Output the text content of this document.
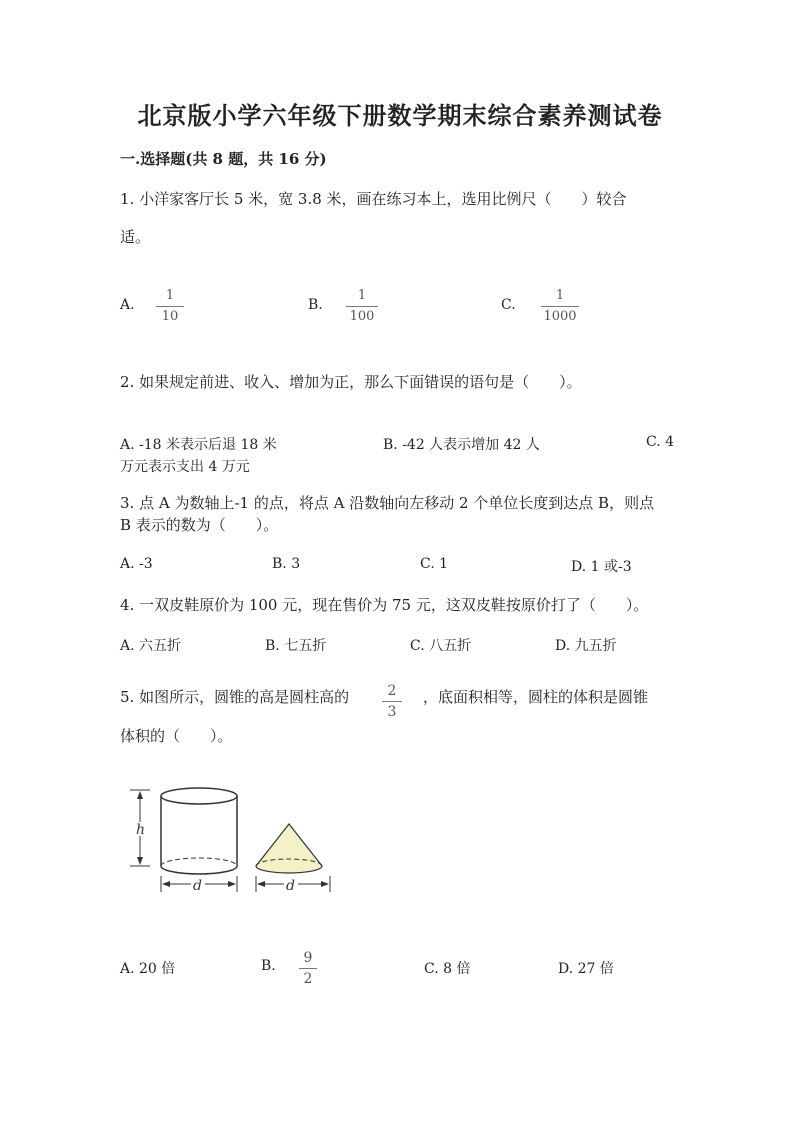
北京版小学六年级下册数学期末综合素养测试卷
一.选择题(共 8 题，共 16 分)
1. 小洋家客厅长 5 米，宽 3.8 米，画在练习本上，选用比例尺（　　）较合
适。
A.
1
10
B.
1
100
C.
1
1000
2. 如果规定前进、收入、增加为正，那么下面错误的语句是（　　）。
A. -18 米表示后退 18 米	B. -42 人表示增加 42 人	C. 4
万元表示支出 4 万元
3. 点 A 为数轴上-1 的点，将点 A 沿数轴向左移动 2 个单位长度到达点 B，则点
B 表示的数为（　　）。
A. -3	B. 3	C. 1	D. 1 或-3
4. 一双皮鞋原价为 100 元，现在售价为 75 元，这双皮鞋按原价打了（　　）。
A. 六五折	B. 七五折	C. 八五折	D. 九五折
5. 如图所示，圆锥的高是圆柱高的	2
3
，底面积相等，圆柱的体积是圆锥
体积的（　　）。
h
d	d
A. 20 倍	B.	9
2
C. 8 倍	D. 27 倍
